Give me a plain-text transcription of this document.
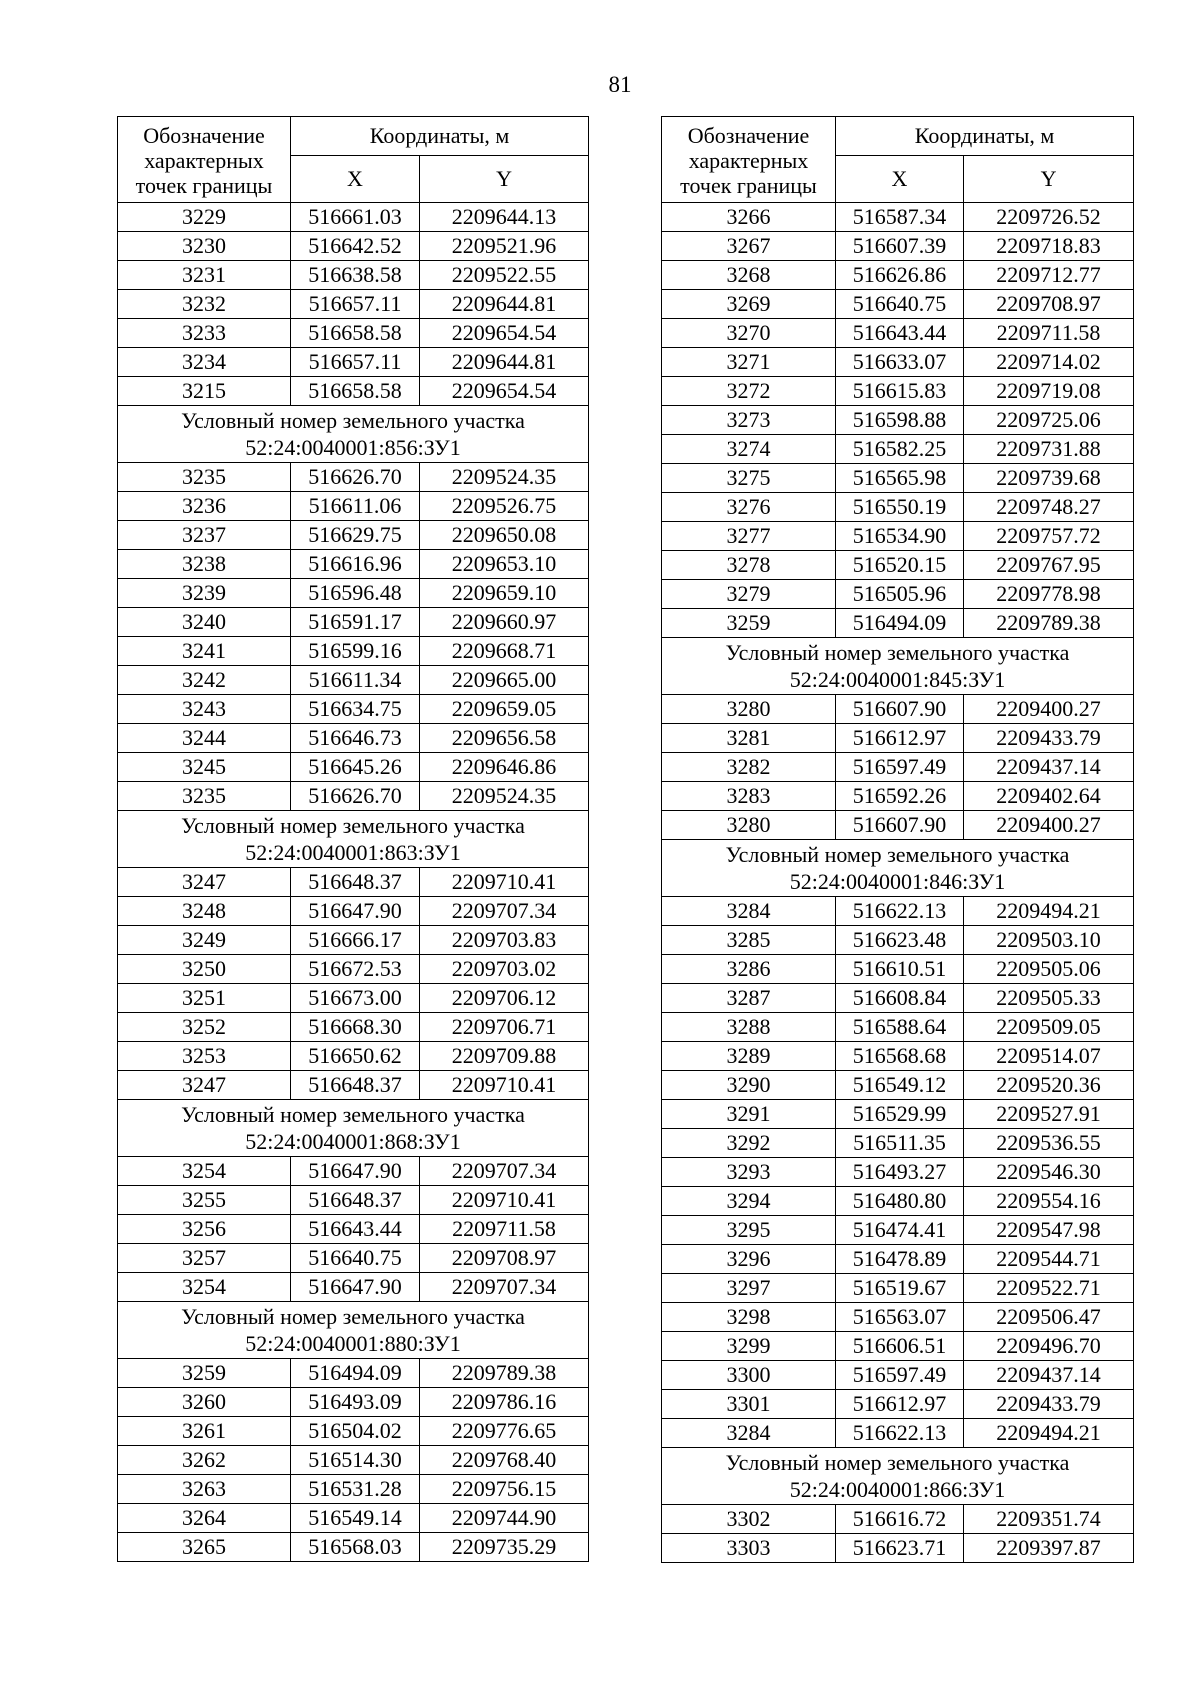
81
Обозначение характерных точек границы	Координаты, м	
	X	Y
3229	516661.03	2209644.13
3230	516642.52	2209521.96
3231	516638.58	2209522.55
3232	516657.11	2209644.81
3233	516658.58	2209654.54
3234	516657.11	2209644.81
3215	516658.58	2209654.54
Условный номер земельного участка 52:24:0040001:856:ЗУ1		
3235	516626.70	2209524.35
3236	516611.06	2209526.75
3237	516629.75	2209650.08
3238	516616.96	2209653.10
3239	516596.48	2209659.10
3240	516591.17	2209660.97
3241	516599.16	2209668.71
3242	516611.34	2209665.00
3243	516634.75	2209659.05
3244	516646.73	2209656.58
3245	516645.26	2209646.86
3235	516626.70	2209524.35
Условный номер земельного участка 52:24:0040001:863:ЗУ1		
3247	516648.37	2209710.41
3248	516647.90	2209707.34
3249	516666.17	2209703.83
3250	516672.53	2209703.02
3251	516673.00	2209706.12
3252	516668.30	2209706.71
3253	516650.62	2209709.88
3247	516648.37	2209710.41
Условный номер земельного участка 52:24:0040001:868:ЗУ1		
3254	516647.90	2209707.34
3255	516648.37	2209710.41
3256	516643.44	2209711.58
3257	516640.75	2209708.97
3254	516647.90	2209707.34
Условный номер земельного участка 52:24:0040001:880:ЗУ1		
3259	516494.09	2209789.38
3260	516493.09	2209786.16
3261	516504.02	2209776.65
3262	516514.30	2209768.40
3263	516531.28	2209756.15
3264	516549.14	2209744.90
3265	516568.03	2209735.29
Обозначение характерных точек границы	Координаты, м	
	X	Y
3266	516587.34	2209726.52
3267	516607.39	2209718.83
3268	516626.86	2209712.77
3269	516640.75	2209708.97
3270	516643.44	2209711.58
3271	516633.07	2209714.02
3272	516615.83	2209719.08
3273	516598.88	2209725.06
3274	516582.25	2209731.88
3275	516565.98	2209739.68
3276	516550.19	2209748.27
3277	516534.90	2209757.72
3278	516520.15	2209767.95
3279	516505.96	2209778.98
3259	516494.09	2209789.38
Условный номер земельного участка 52:24:0040001:845:ЗУ1		
3280	516607.90	2209400.27
3281	516612.97	2209433.79
3282	516597.49	2209437.14
3283	516592.26	2209402.64
3280	516607.90	2209400.27
Условный номер земельного участка 52:24:0040001:846:ЗУ1		
3284	516622.13	2209494.21
3285	516623.48	2209503.10
3286	516610.51	2209505.06
3287	516608.84	2209505.33
3288	516588.64	2209509.05
3289	516568.68	2209514.07
3290	516549.12	2209520.36
3291	516529.99	2209527.91
3292	516511.35	2209536.55
3293	516493.27	2209546.30
3294	516480.80	2209554.16
3295	516474.41	2209547.98
3296	516478.89	2209544.71
3297	516519.67	2209522.71
3298	516563.07	2209506.47
3299	516606.51	2209496.70
3300	516597.49	2209437.14
3301	516612.97	2209433.79
3284	516622.13	2209494.21
Условный номер земельного участка 52:24:0040001:866:ЗУ1		
3302	516616.72	2209351.74
3303	516623.71	2209397.87
